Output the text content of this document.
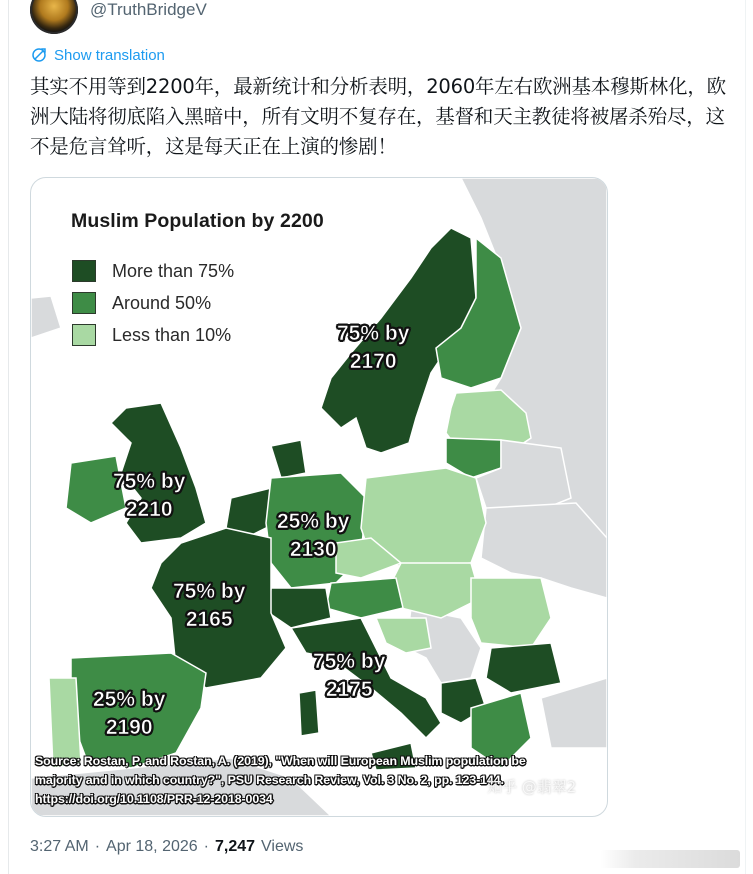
@TruthBridgeV
Show translation
其实不用等到2200年，最新统计和分析表明，2060年左右欧洲基本穆斯林化，欧洲大陆将彻底陷入黑暗中，所有文明不复存在，基督和天主教徒将被屠杀殆尽，这不是危言耸听，这是每天正在上演的惨剧！
Muslim Population by 2200
More than 75%
Around 50%
Less than 10%	75% by
2170
75% by
2210
25% by
2130
75% by
2165
75% by
2175
25% by
2190
Source: Rostan, P. and Rostan, A. (2019), "When will European Muslim population be
majority and in which country?", PSU Research Review, Vol. 3 No. 2, pp. 123-144.
https://doi.org/10.1108/PRR-12-2018-0034
知乎 @翡翠2
3:27 AM · Apr 18, 2026 · 7,247 Views
